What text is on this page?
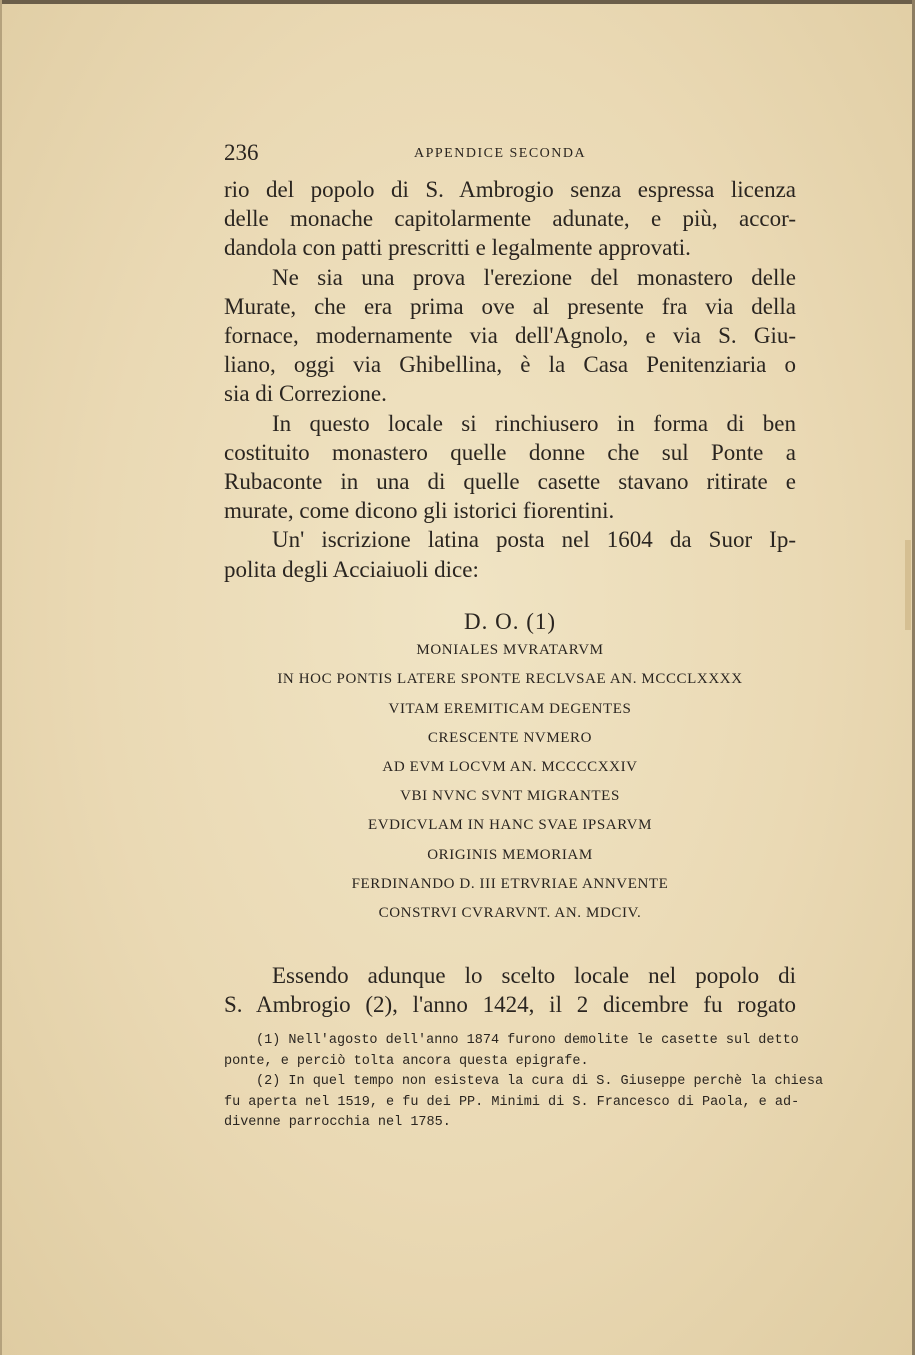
236	APPENDICE SECONDA
rio del popolo di S. Ambrogio senza espressa licenza
delle monache capitolarmente adunate, e più, accor-
dandola con patti prescritti e legalmente approvati.
Ne sia una prova l'erezione del monastero delle
Murate, che era prima ove al presente fra via della
fornace, modernamente via dell'Agnolo, e via S. Giu-
liano, oggi via Ghibellina, è la Casa Penitenziaria o
sia di Correzione.
In questo locale si rinchiusero in forma di ben
costituito monastero quelle donne che sul Ponte a
Rubaconte in una di quelle casette stavano ritirate e
murate, come dicono gli istorici fiorentini.
Un' iscrizione latina posta nel 1604 da Suor Ip-
polita degli Acciaiuoli dice:
D. O. (1)
MONIALES MVRATARVM
IN HOC PONTIS LATERE SPONTE RECLVSAE AN. MCCCLXXXX
VITAM EREMITICAM DEGENTES
CRESCENTE NVMERO
AD EVM LOCVM AN. MCCCCXXIV
VBI NVNC SVNT MIGRANTES
EVDICVLAM IN HANC SVAE IPSARVM
ORIGINIS MEMORIAM
FERDINANDO D. III ETRVRIAE ANNVENTE
CONSTRVI CVRARVNT. AN. MDCIV.
Essendo adunque lo scelto locale nel popolo di
S. Ambrogio (2), l'anno 1424, il 2 dicembre fu rogato
(1) Nell'agosto dell'anno 1874 furono demolite le casette sul detto
ponte, e perciò tolta ancora questa epigrafe.
(2) In quel tempo non esisteva la cura di S. Giuseppe perchè la chiesa
fu aperta nel 1519, e fu dei PP. Minimi di S. Francesco di Paola, e ad-
divenne parrocchia nel 1785.
